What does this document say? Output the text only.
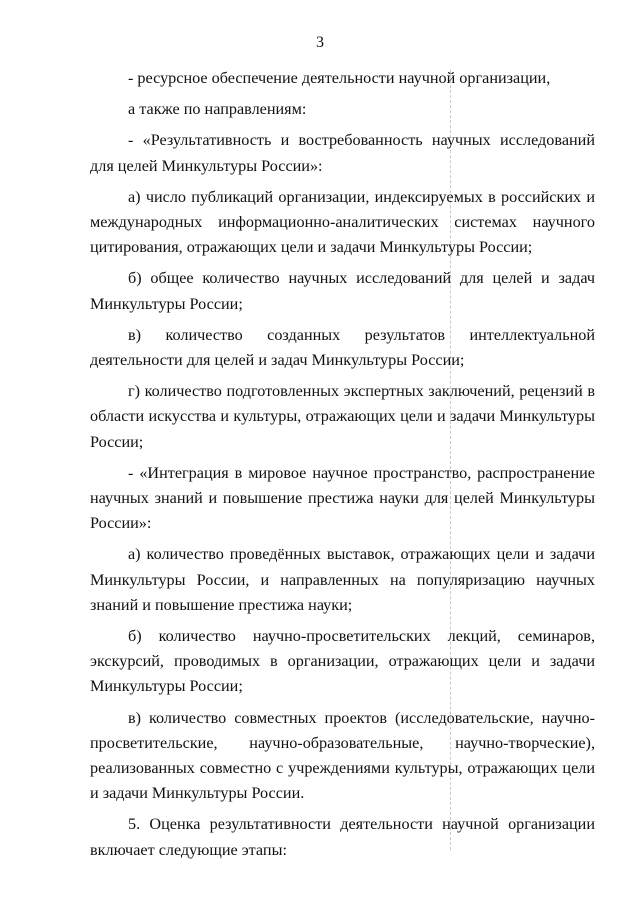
3

- ресурсное обеспечение деятельности научной организации,

а также по направлениям:

- «Результативность и востребованность научных исследований для целей Минкультуры России»:

а) число публикаций организации, индексируемых в российских и международных информационно-аналитических системах научного цитирования, отражающих цели и задачи Минкультуры России;

б) общее количество научных исследований для целей и задач Минкультуры России;

в) количество созданных результатов интеллектуальной деятельности для целей и задач Минкультуры России;

г) количество подготовленных экспертных заключений, рецензий в области искусства и культуры, отражающих цели и задачи Минкультуры России;

- «Интеграция в мировое научное пространство, распространение научных знаний и повышение престижа науки для целей Минкультуры России»:

а) количество проведённых выставок, отражающих цели и задачи Минкультуры России, и направленных на популяризацию научных знаний и повышение престижа науки;

б) количество научно-просветительских лекций, семинаров, экскурсий, проводимых в организации, отражающих цели и задачи Минкультуры России;

в) количество совместных проектов (исследовательские, научно-просветительские, научно-образовательные, научно-творческие), реализованных совместно с учреждениями культуры, отражающих цели и задачи Минкультуры России.

5. Оценка результативности деятельности научной организации включает следующие этапы:
